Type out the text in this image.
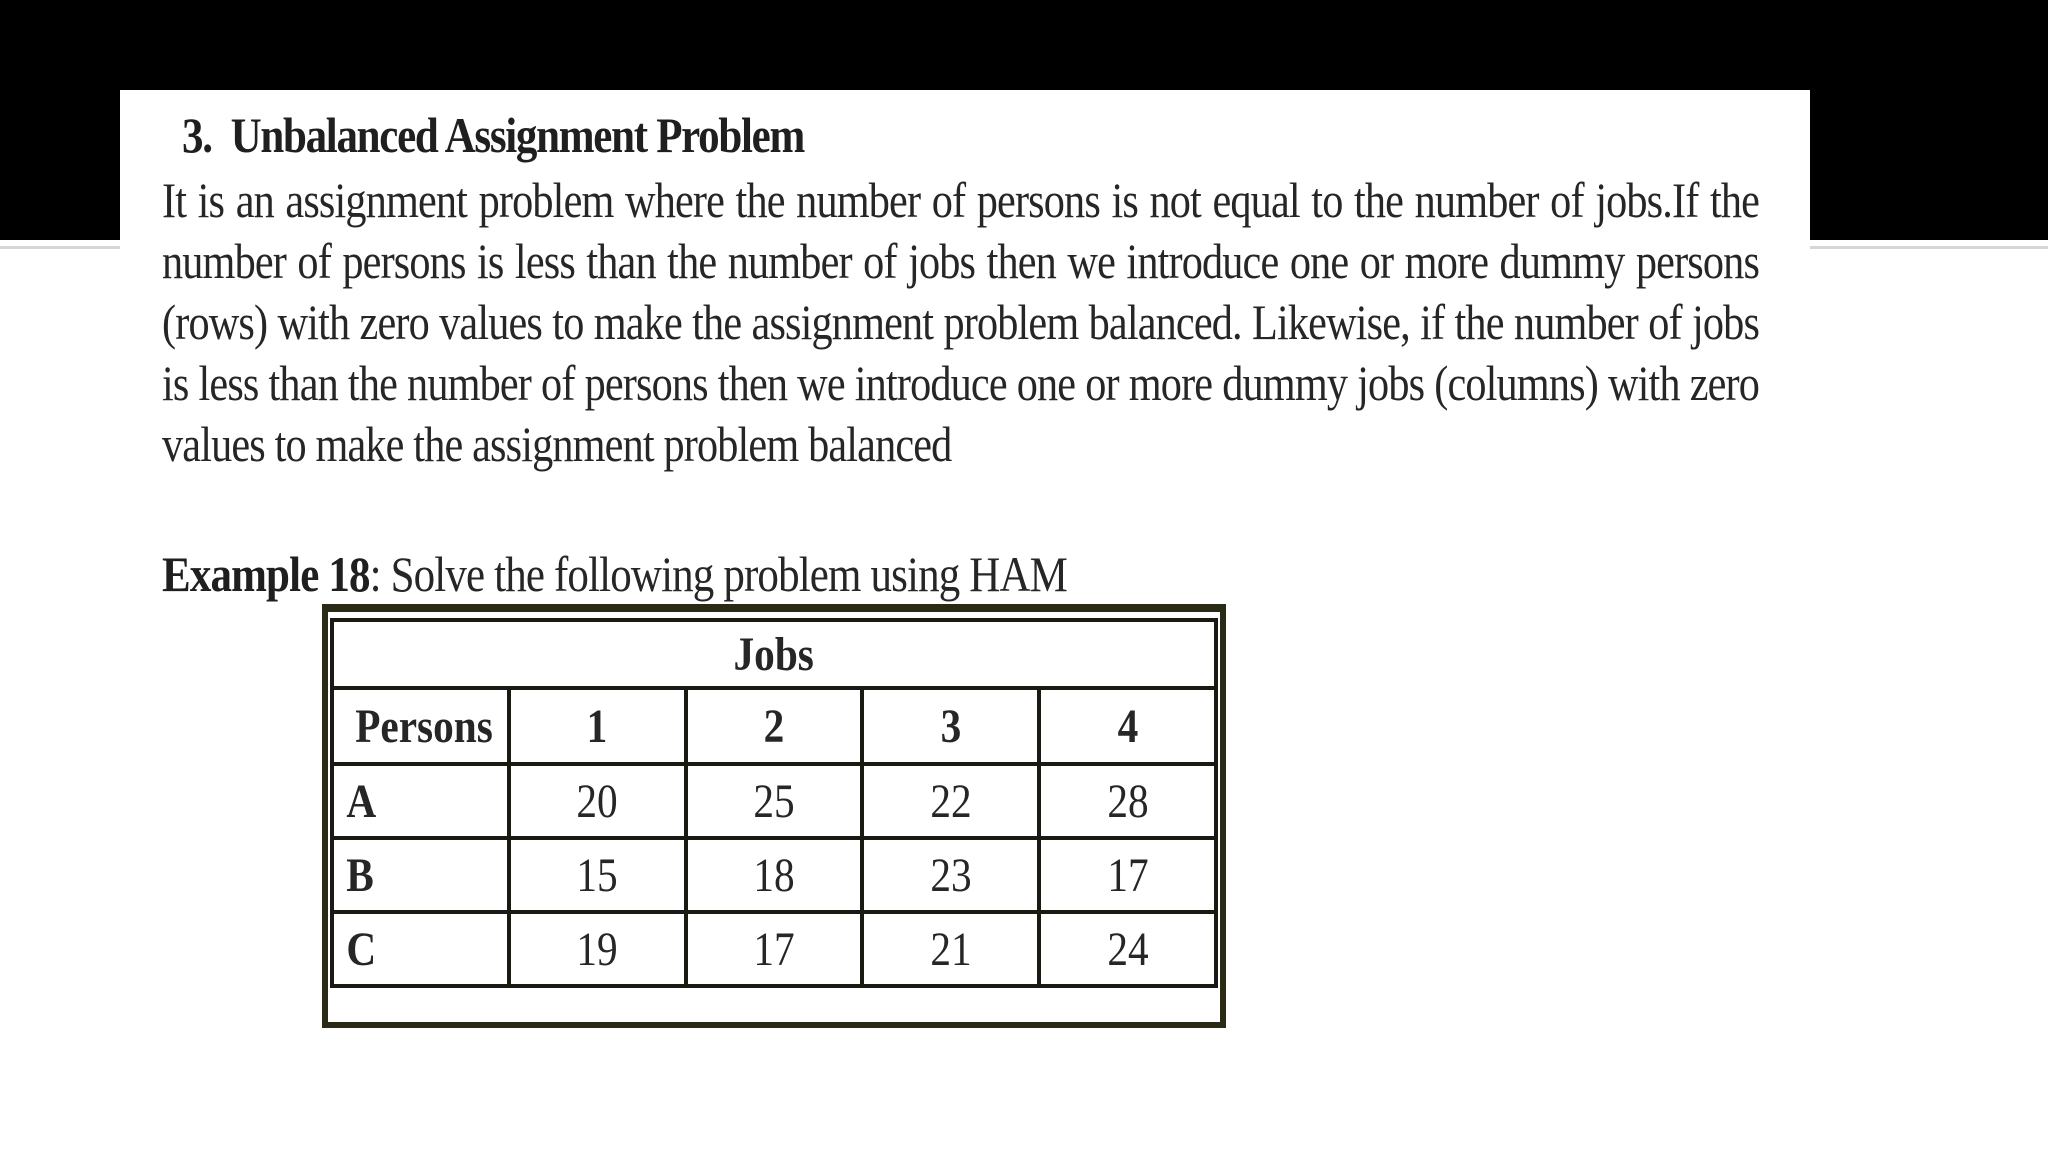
3. Unbalanced Assignment Problem

It is an assignment problem where the number of persons is not equal to the number of jobs.If the number of persons is less than the number of jobs then we introduce one or more dummy persons (rows) with zero values to make the assignment problem balanced. Likewise, if the number of jobs is less than the number of persons then we introduce one or more dummy jobs (columns) with zero values to make the assignment problem balanced

Example 18: Solve the following problem using HAM
Jobs				
Persons	1	2	3	4
A	20	25	22	28
B	15	18	23	17
C	19	17	21	24
